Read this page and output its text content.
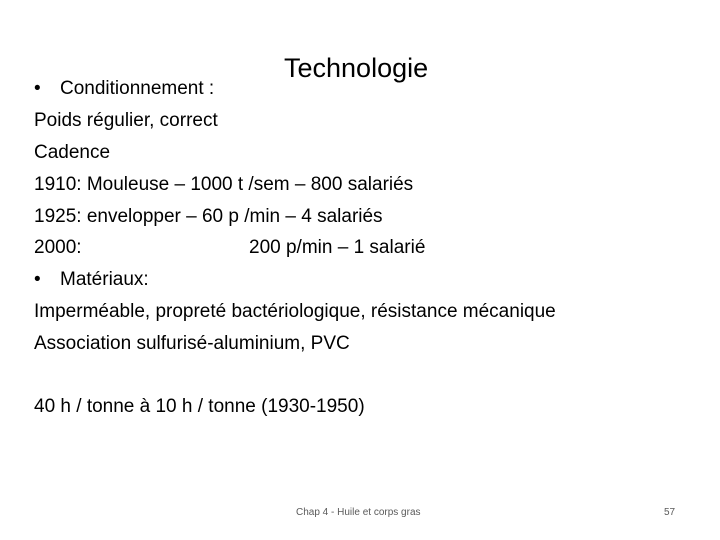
Technologie
• Conditionnement :
Poids régulier, correct
Cadence
1910: Mouleuse – 1000 t /sem – 800 salariés
1925: envelopper – 60 p /min – 4 salariés
2000:	200 p/min – 1 salarié
• Matériaux:
Imperméable, propreté bactériologique, résistance mécanique
Association sulfurisé-aluminium, PVC
40 h / tonne à 10 h / tonne (1930-1950)
Chap 4 - Huile et corps gras	57
